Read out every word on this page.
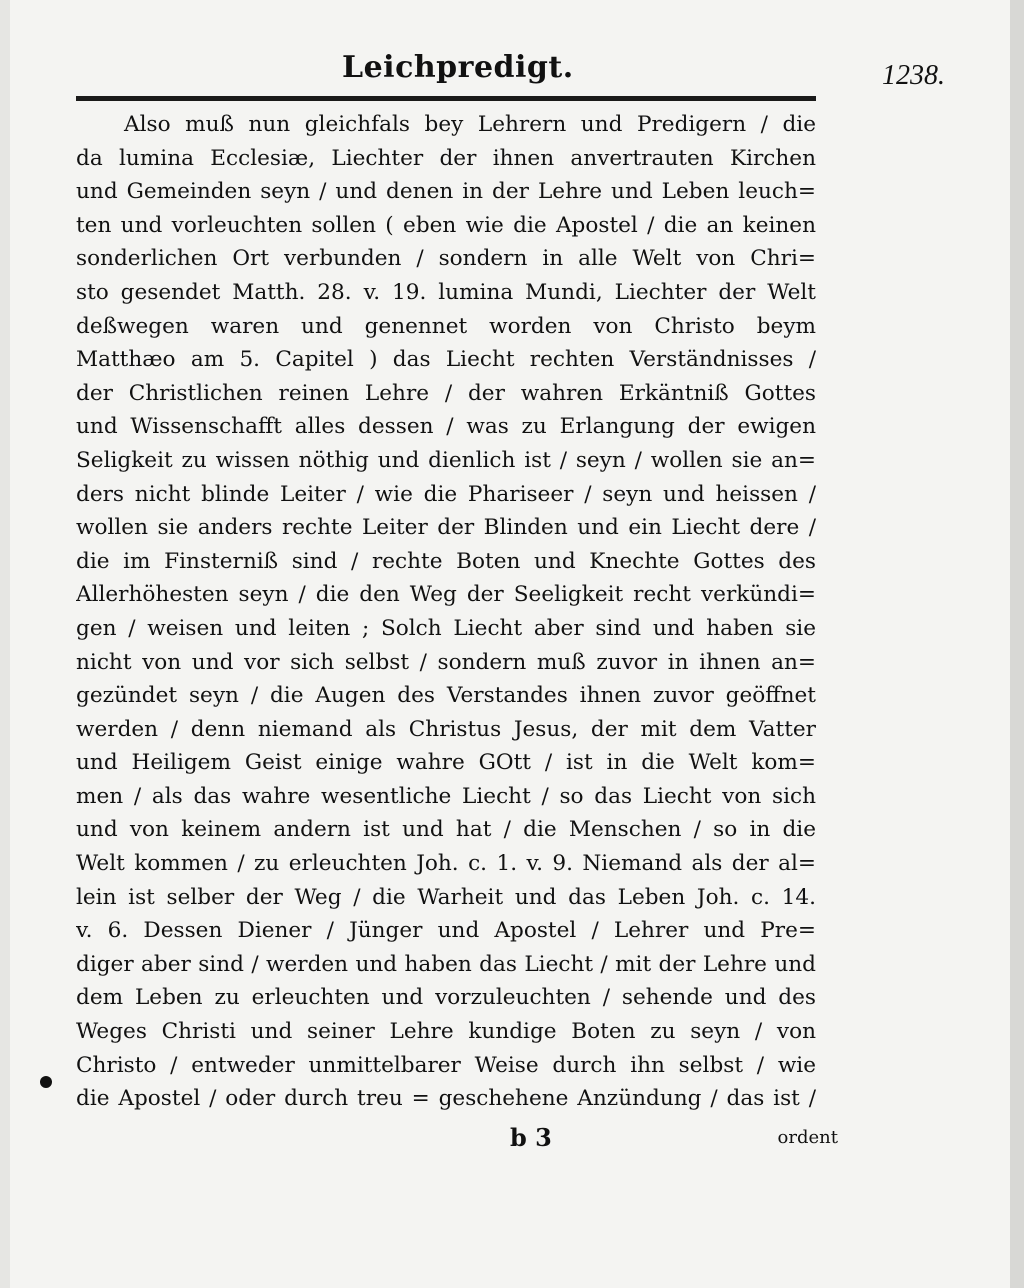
Leichpredigt.	1238.
Also muß nun gleichfals bey Lehrern und Predigern / die
da lumina Ecclesiæ, Liechter der ihnen anvertrauten Kirchen
und Gemeinden seyn / und denen in der Lehre und Leben leuch=
ten und vorleuchten sollen ( eben wie die Apostel / die an keinen
sonderlichen Ort verbunden / sondern in alle Welt von Chri=
sto gesendet Matth. 28. v. 19. lumina Mundi, Liechter der Welt
deßwegen waren und genennet worden von Christo beym
Matthæo am 5. Capitel ) das Liecht rechten Verständnisses /
der Christlichen reinen Lehre / der wahren Erkäntniß Gottes
und Wissenschafft alles dessen / was zu Erlangung der ewigen
Seligkeit zu wissen nöthig und dienlich ist / seyn / wollen sie an=
ders nicht blinde Leiter / wie die Phariseer / seyn und heissen /
wollen sie anders rechte Leiter der Blinden und ein Liecht dere /
die im Finsterniß sind / rechte Boten und Knechte Gottes des
Allerhöhesten seyn / die den Weg der Seeligkeit recht verkündi=
gen / weisen und leiten ; Solch Liecht aber sind und haben sie
nicht von und vor sich selbst / sondern muß zuvor in ihnen an=
gezündet seyn / die Augen des Verstandes ihnen zuvor geöffnet
werden / denn niemand als Christus Jesus, der mit dem Vatter
und Heiligem Geist einige wahre GOtt / ist in die Welt kom=
men / als das wahre wesentliche Liecht / so das Liecht von sich
und von keinem andern ist und hat / die Menschen / so in die
Welt kommen / zu erleuchten Joh. c. 1. v. 9. Niemand als der al=
lein ist selber der Weg / die Warheit und das Leben Joh. c. 14.
v. 6. Dessen Diener / Jünger und Apostel / Lehrer und Pre=
diger aber sind / werden und haben das Liecht / mit der Lehre und
dem Leben zu erleuchten und vorzuleuchten / sehende und des
Weges Christi und seiner Lehre kundige Boten zu seyn / von
Christo / entweder unmittelbarer Weise durch ihn selbst / wie
die Apostel / oder durch treu = geschehene Anzündung / das ist /
b 3	ordent
